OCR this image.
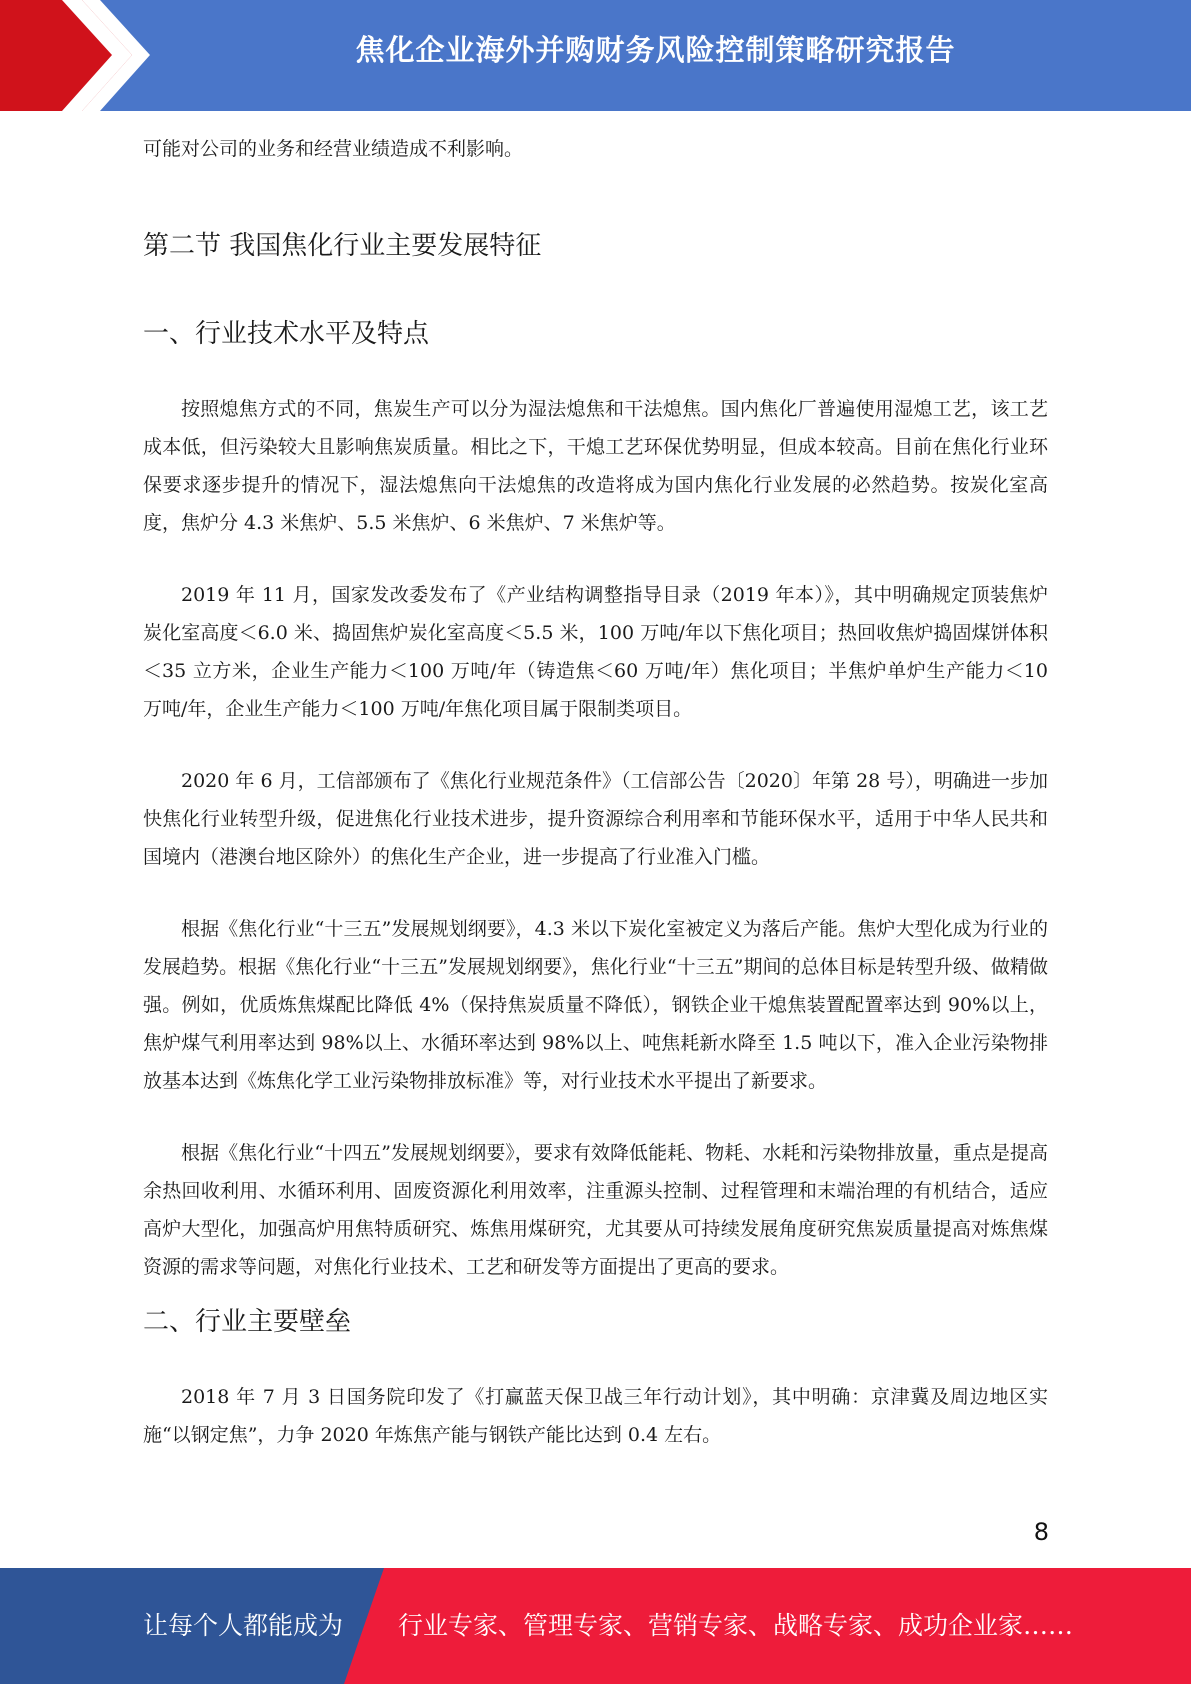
焦化企业海外并购财务风险控制策略研究报告

可能对公司的业务和经营业绩造成不利影响。

第二节 我国焦化行业主要发展特征
一、行业技术水平及特点

按照熄焦方式的不同，焦炭生产可以分为湿法熄焦和干法熄焦。国内焦化厂普遍使用湿熄工艺，该工艺成本低，但污染较大且影响焦炭质量。相比之下，干熄工艺环保优势明显，但成本较高。目前在焦化行业环保要求逐步提升的情况下，湿法熄焦向干法熄焦的改造将成为国内焦化行业发展的必然趋势。按炭化室高度，焦炉分 4.3 米焦炉、5.5 米焦炉、6 米焦炉、7 米焦炉等。

2019 年 11 月，国家发改委发布了《产业结构调整指导目录（2019 年本）》，其中明确规定顶装焦炉炭化室高度＜6.0 米、捣固焦炉炭化室高度＜5.5 米，100 万吨/年以下焦化项目；热回收焦炉捣固煤饼体积＜35 立方米，企业生产能力＜100 万吨/年（铸造焦＜60 万吨/年）焦化项目；半焦炉单炉生产能力＜10 万吨/年，企业生产能力＜100 万吨/年焦化项目属于限制类项目。

2020 年 6 月，工信部颁布了《焦化行业规范条件》（工信部公告〔2020〕年第 28 号），明确进一步加快焦化行业转型升级，促进焦化行业技术进步，提升资源综合利用率和节能环保水平，适用于中华人民共和国境内（港澳台地区除外）的焦化生产企业，进一步提高了行业准入门槛。

根据《焦化行业“十三五”发展规划纲要》，4.3 米以下炭化室被定义为落后产能。焦炉大型化成为行业的发展趋势。根据《焦化行业“十三五”发展规划纲要》，焦化行业“十三五”期间的总体目标是转型升级、做精做强。例如，优质炼焦煤配比降低 4%（保持焦炭质量不降低），钢铁企业干熄焦装置配置率达到 90%以上，焦炉煤气利用率达到 98%以上、水循环率达到 98%以上、吨焦耗新水降至 1.5 吨以下，准入企业污染物排放基本达到《炼焦化学工业污染物排放标准》等，对行业技术水平提出了新要求。

根据《焦化行业“十四五”发展规划纲要》，要求有效降低能耗、物耗、水耗和污染物排放量，重点是提高余热回收利用、水循环利用、固废资源化利用效率，注重源头控制、过程管理和末端治理的有机结合，适应高炉大型化，加强高炉用焦特质研究、炼焦用煤研究，尤其要从可持续发展角度研究焦炭质量提高对炼焦煤资源的需求等问题，对焦化行业技术、工艺和研发等方面提出了更高的要求。

二、行业主要壁垒

2018 年 7 月 3 日国务院印发了《打赢蓝天保卫战三年行动计划》，其中明确：京津冀及周边地区实施“以钢定焦”，力争 2020 年炼焦产能与钢铁产能比达到 0.4 左右。

8
让每个人都能成为 行业专家、管理专家、营销专家、战略专家、成功企业家……
